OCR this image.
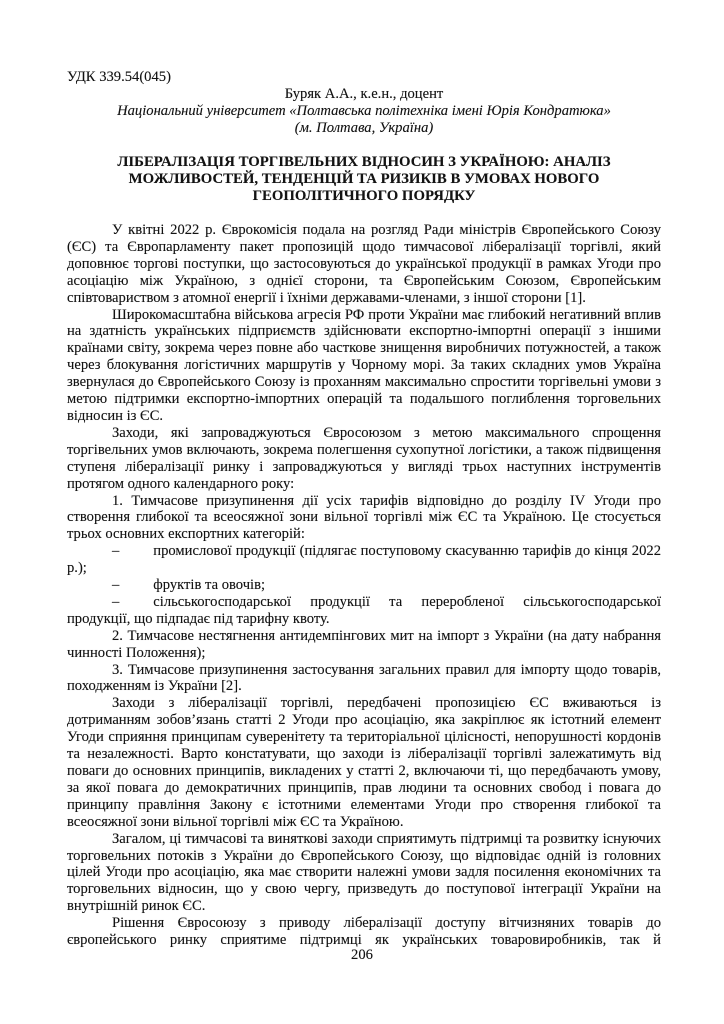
УДК 339.54(045)

Буряк А.А., к.е.н., доцент

Національний університет «Полтавська політехніка імені Юрія Кондратюка»

(м. Полтава, Україна)

ЛІБЕРАЛІЗАЦІЯ ТОРГІВЕЛЬНИХ ВІДНОСИН З УКРАЇНОЮ: АНАЛІЗ МОЖЛИВОСТЕЙ, ТЕНДЕНЦІЙ ТА РИЗИКІВ В УМОВАХ НОВОГО ГЕОПОЛІТИЧНОГО ПОРЯДКУ

У квітні 2022 р. Єврокомісія подала на розгляд Ради міністрів Європейського Союзу (ЄС) та Європарламенту пакет пропозицій щодо тимчасової лібералізації торгівлі, який доповнює торгові поступки, що застосовуються до української продукції в рамках Угоди про асоціацію між Україною, з однієї сторони, та Європейським Союзом, Європейським співтовариством з атомної енергії і їхніми державами-членами, з іншої сторони [1].

Широкомасштабна військова агресія РФ проти України має глибокий негативний вплив на здатність українських підприємств здійснювати експортно-імпортні операції з іншими країнами світу, зокрема через повне або часткове знищення виробничих потужностей, а також через блокування логістичних маршрутів у Чорному морі. За таких складних умов Україна звернулася до Європейського Союзу із проханням максимально спростити торгівельні умови з метою підтримки експортно-імпортних операцій та подальшого поглиблення торговельних відносин із ЄС.

Заходи, які запроваджуються Євросоюзом з метою максимального спрощення торгівельних умов включають, зокрема полегшення сухопутної логістики, а також підвищення ступеня лібералізації ринку і запроваджуються у вигляді трьох наступних інструментів протягом одного календарного року:

1. Тимчасове призупинення дії усіх тарифів відповідно до розділу IV Угоди про створення глибокої та всеосяжної зони вільної торгівлі між ЄС та Україною. Це стосується трьох основних експортних категорій:

– промислової продукції (підлягає поступовому скасуванню тарифів до кінця 2022 р.);

– фруктів та овочів;

– сільськогосподарської продукції та переробленої сільськогосподарської продукції, що підпадає під тарифну квоту.

2. Тимчасове нестягнення антидемпінгових мит на імпорт з України (на дату набрання чинності Положення);

3. Тимчасове призупинення застосування загальних правил для імпорту щодо товарів, походженням із України [2].

Заходи з лібералізації торгівлі, передбачені пропозицією ЄС вживаються із дотриманням зобов’язань статті 2 Угоди про асоціацію, яка закріплює як істотний елемент Угоди сприяння принципам суверенітету та територіальної цілісності, непорушності кордонів та незалежності. Варто констатувати, що заходи із лібералізації торгівлі залежатимуть від поваги до основних принципів, викладених у статті 2, включаючи ті, що передбачають умову, за якої повага до демократичних принципів, прав людини та основних свобод і повага до принципу правління Закону є істотними елементами Угоди про створення глибокої та всеосяжної зони вільної торгівлі між ЄС та Україною.

Загалом, ці тимчасові та виняткові заходи сприятимуть підтримці та розвитку існуючих торговельних потоків з України до Європейського Союзу, що відповідає одній із головних цілей Угоди про асоціацію, яка має створити належні умови задля посилення економічних та торговельних відносин, що у свою чергу, призведуть до поступової інтеграції України на внутрішній ринок ЄС.

Рішення Євросоюзу з приводу лібералізації доступу вітчизняних товарів до європейського ринку сприятиме підтримці як українських товаровиробників, так й

206
